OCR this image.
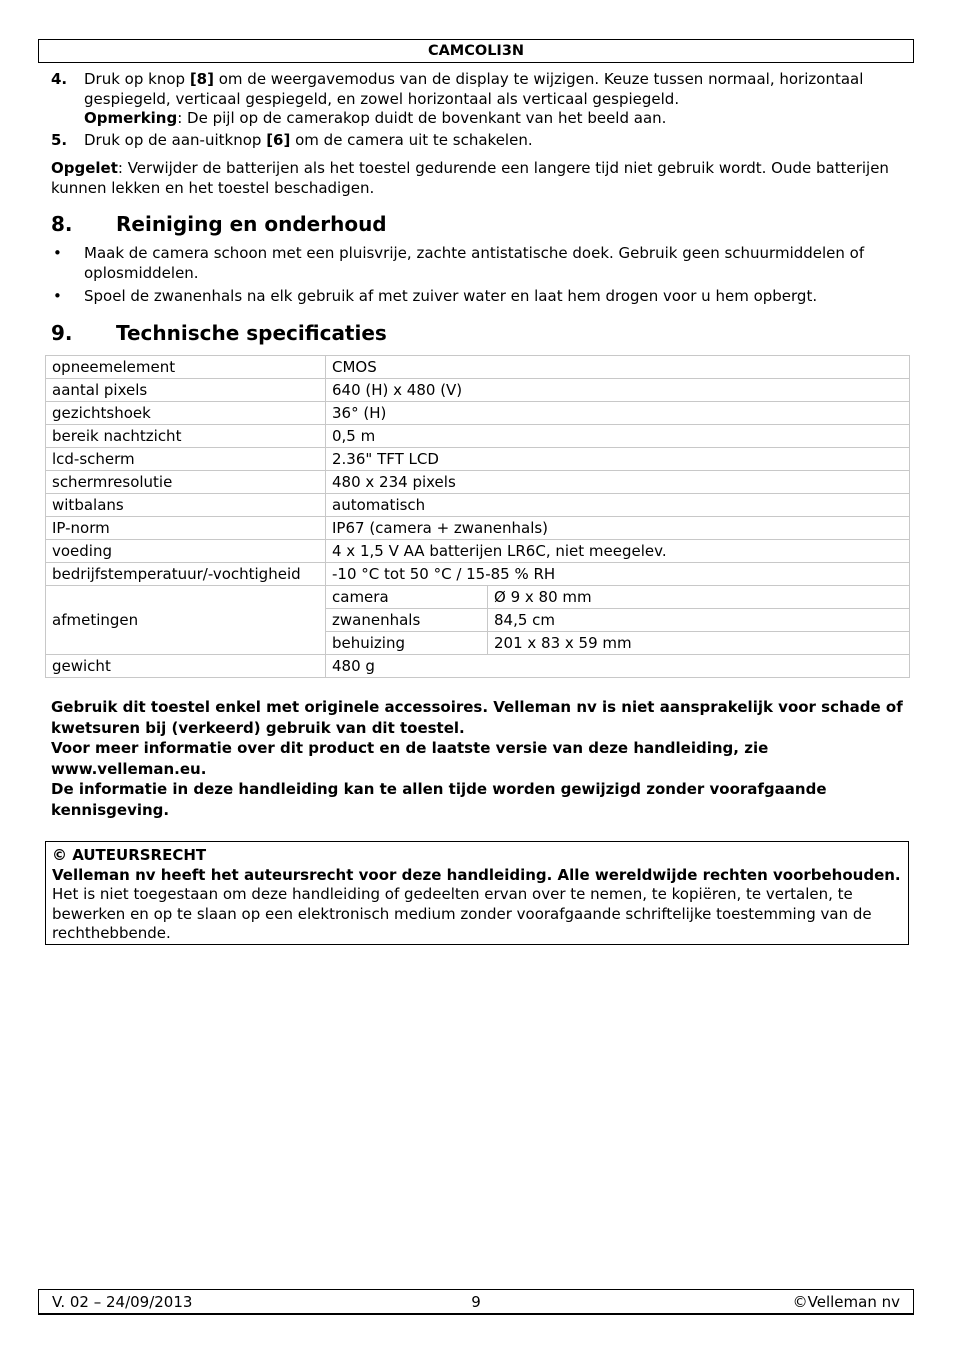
CAMCOLI3N

4. Druk op knop [8] om de weergavemodus van de display te wijzigen. Keuze tussen normaal, horizontaal gespiegeld, verticaal gespiegeld, en zowel horizontaal als verticaal gespiegeld.
Opmerking: De pijl op de camerakop duidt de bovenkant van het beeld aan.

5. Druk op de aan-uitknop [6] om de camera uit te schakelen.

Opgelet: Verwijder de batterijen als het toestel gedurende een langere tijd niet gebruik wordt. Oude batterijen kunnen lekken en het toestel beschadigen.

8. Reiniging en onderhoud

• Maak de camera schoon met een pluisvrije, zachte antistatische doek. Gebruik geen schuurmiddelen of oplosmiddelen.

• Spoel de zwanenhals na elk gebruik af met zuiver water en laat hem drogen voor u hem opbergt.

9. Technische specificaties
opneemelement	CMOS	
aantal pixels	640 (H) x 480 (V)	
gezichtshoek	36° (H)	
bereik nachtzicht	0,5 m	
lcd-scherm	2.36" TFT LCD	
schermresolutie	480 x 234 pixels	
witbalans	automatisch	
IP-norm	IP67 (camera + zwanenhals)	
voeding	4 x 1,5 V AA batterijen LR6C, niet meegelev.	
bedrijfstemperatuur/-vochtigheid	-10 °C tot 50 °C / 15-85 % RH	
afmetingen	camera	Ø 9 x 80 mm
	zwanenhals	84,5 cm
	behuizing	201 x 83 x 59 mm
gewicht	480 g	
Gebruik dit toestel enkel met originele accessoires. Velleman nv is niet aansprakelijk voor schade of kwetsuren bij (verkeerd) gebruik van dit toestel.
Voor meer informatie over dit product en de laatste versie van deze handleiding, zie www.velleman.eu.
De informatie in deze handleiding kan te allen tijde worden gewijzigd zonder voorafgaande kennisgeving.
© AUTEURSRECHT
Velleman nv heeft het auteursrecht voor deze handleiding. Alle wereldwijde rechten voorbehouden. Het is niet toegestaan om deze handleiding of gedeelten ervan over te nemen, te kopiëren, te vertalen, te bewerken en op te slaan op een elektronisch medium zonder voorafgaande schriftelijke toestemming van de rechthebbende.
V. 02 – 24/09/2013	9	©Velleman nv
